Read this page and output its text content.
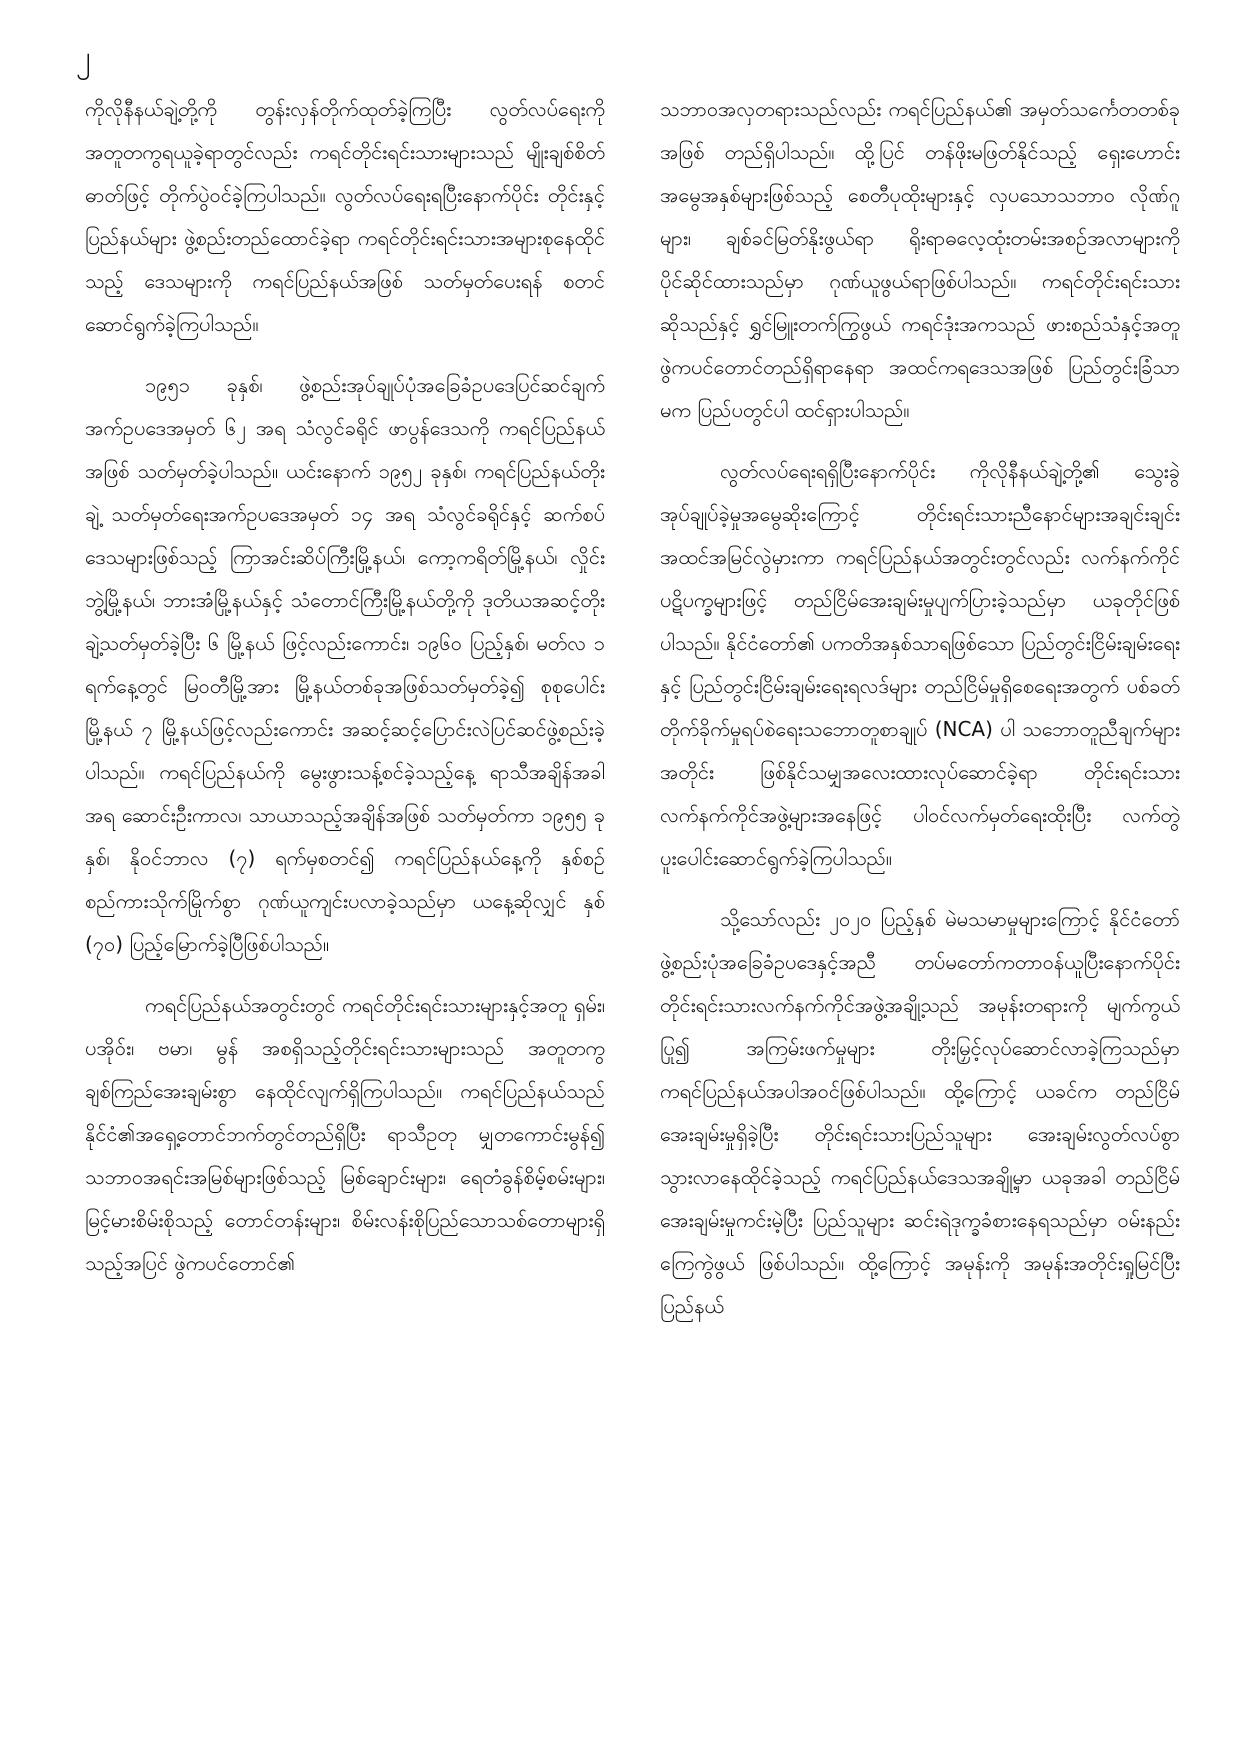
၂

ကိုလိုနီနယ်ချဲ့တို့ကို တွန်းလှန်တိုက်ထုတ်ခဲ့ကြပြီး လွတ်လပ်ရေးကို အတူတကွရယူခဲ့ရာတွင်လည်း ကရင်တိုင်းရင်းသားများသည် မျိုးချစ်စိတ်ဓာတ်ဖြင့် တိုက်ပွဲဝင်ခဲ့ကြပါသည်။ လွတ်လပ်ရေးရပြီးနောက်ပိုင်း တိုင်းနှင့်ပြည်နယ်များ ဖွဲ့စည်းတည်ထောင်ခဲ့ရာ ကရင်တိုင်းရင်းသားအများစုနေထိုင်သည့် ဒေသများကို ကရင်ပြည်နယ်အဖြစ် သတ်မှတ်ပေးရန် စတင်ဆောင်ရွက်ခဲ့ကြပါသည်။

၁၉၅၁ ခုနှစ်၊ ဖွဲ့စည်းအုပ်ချုပ်ပုံအခြေခံဥပဒေပြင်ဆင်ချက်အက်ဥပဒေအမှတ် ၆၂ အရ သံလွင်ခရိုင် ဖာပွန်ဒေသကို ကရင်ပြည်နယ်အဖြစ် သတ်မှတ်ခဲ့ပါသည်။ ယင်းနောက် ၁၉၅၂ ခုနှစ်၊ ကရင်ပြည်နယ်တိုးချဲ့ သတ်မှတ်ရေးအက်ဥပဒေအမှတ် ၁၄ အရ သံလွင်ခရိုင်နှင့် ဆက်စပ်ဒေသများဖြစ်သည့် ကြာအင်းဆိပ်ကြီးမြို့နယ်၊ ကော့ကရိတ်မြို့နယ်၊ လှိုင်းဘွဲ့မြို့နယ်၊ ဘားအံမြို့နယ်နှင့် သံတောင်ကြီးမြို့နယ်တို့ကို ဒုတိယအဆင့်တိုးချဲ့သတ်မှတ်ခဲ့ပြီး ၆ မြို့နယ် ဖြင့်လည်းကောင်း၊ ၁၉၆၀ ပြည့်နှစ်၊ မတ်လ ၁ ရက်နေ့တွင် မြဝတီမြို့အား မြို့နယ်တစ်ခုအဖြစ်သတ်မှတ်ခဲ့၍ စုစုပေါင်းမြို့နယ် ၇ မြို့နယ်ဖြင့်လည်းကောင်း အဆင့်ဆင့်ပြောင်းလဲပြင်ဆင်ဖွဲ့စည်းခဲ့ပါသည်။ ကရင်ပြည်နယ်ကို မွေးဖွားသန့်စင်ခဲ့သည့်နေ့ ရာသီအချိန်အခါအရ ဆောင်းဦးကာလ၊ သာယာသည့်အချိန်အဖြစ် သတ်မှတ်ကာ ၁၉၅၅ ခုနှစ်၊ နိုဝင်ဘာလ (၇) ရက်မှစတင်၍ ကရင်ပြည်နယ်နေ့ကို နှစ်စဉ် စည်ကားသိုက်မြိုက်စွာ ဂုဏ်ယူကျင်းပလာခဲ့သည်မှာ ယနေ့ဆိုလျှင် နှစ် (၇၀) ပြည့်မြောက်ခဲ့ပြီဖြစ်ပါသည်။

ကရင်ပြည်နယ်အတွင်းတွင် ကရင်တိုင်းရင်းသားများနှင့်အတူ ရှမ်း၊ ပအိုဝ်း၊ ဗမာ၊ မွန် အစရှိသည့်တိုင်းရင်းသားများသည် အတူတကွ ချစ်ကြည်အေးချမ်းစွာ နေထိုင်လျက်ရှိကြပါသည်။ ကရင်ပြည်နယ်သည် နိုင်ငံ၏အရှေ့တောင်ဘက်တွင်တည်ရှိပြီး ရာသီဥတု မျှတကောင်းမွန်၍ သဘာဝအရင်းအမြစ်များဖြစ်သည့် မြစ်ချောင်းများ၊ ရေတံခွန်စိမ့်စမ်းများ၊ မြင့်မားစိမ်းစိုသည့် တောင်တန်းများ၊ စိမ်းလန်းစိုပြည်သောသစ်တောများရှိသည့်အပြင် ဖွဲကပင်တောင်၏

သဘာဝအလှတရားသည်လည်း ကရင်ပြည်နယ်၏ အမှတ်သင်္ကေတတစ်ခုအဖြစ် တည်ရှိပါသည်။ ထို့ပြင် တန်ဖိုးမဖြတ်နိုင်သည့် ရှေးဟောင်းအမွေအနှစ်များဖြစ်သည့် စေတီပုထိုးများနှင့် လှပသောသဘာဝ လိုဏ်ဂူများ၊ ချစ်ခင်မြတ်နိုးဖွယ်ရာ ရိုးရာဓလေ့ထုံးတမ်းအစဉ်အလာများကို ပိုင်ဆိုင်ထားသည်မှာ ဂုဏ်ယူဖွယ်ရာဖြစ်ပါသည်။ ကရင်တိုင်းရင်းသားဆိုသည်နှင့် ရွှင်မြူးတက်ကြွဖွယ် ကရင်ဒုံးအကသည် ဖားစည်သံနှင့်အတူ ဖွဲကပင်တောင်တည်ရှိရာနေရာ အထင်ကရဒေသအဖြစ် ပြည်တွင်းခြံသာမက ပြည်ပတွင်ပါ ထင်ရှားပါသည်။

လွတ်လပ်ရေးရရှိပြီးနောက်ပိုင်း ကိုလိုနီနယ်ချဲ့တို့၏ သွေးခွဲအုပ်ချုပ်ခဲ့မှုအမွေဆိုးကြောင့် တိုင်းရင်းသားညီနောင်များအချင်းချင်း အထင်အမြင်လွဲမှားကာ ကရင်ပြည်နယ်အတွင်းတွင်လည်း လက်နက်ကိုင်ပဋိပက္ခများဖြင့် တည်ငြိမ်အေးချမ်းမှုပျက်ပြားခဲ့သည်မှာ ယခုတိုင်ဖြစ်ပါသည်။ နိုင်ငံတော်၏ ပကတိအနှစ်သာရဖြစ်သော ပြည်တွင်းငြိမ်းချမ်းရေးနှင့် ပြည်တွင်းငြိမ်းချမ်းရေးရလဒ်များ တည်ငြိမ်မှုရှိစေရေးအတွက် ပစ်ခတ်တိုက်ခိုက်မှုရပ်စဲရေးသဘောတူစာချုပ် (NCA) ပါ သဘောတူညီချက်များအတိုင်း ဖြစ်နိုင်သမျှအလေးထားလုပ်ဆောင်ခဲ့ရာ တိုင်းရင်းသားလက်နက်ကိုင်အဖွဲ့များအနေဖြင့် ပါဝင်လက်မှတ်ရေးထိုးပြီး လက်တွဲပူးပေါင်းဆောင်ရွက်ခဲ့ကြပါသည်။

သို့သော်လည်း ၂၀၂၀ ပြည့်နှစ် မဲမသမာမှုများကြောင့် နိုင်ငံတော်ဖွဲ့စည်းပုံအခြေခံဥပဒေနှင့်အညီ တပ်မတော်ကတာဝန်ယူပြီးနောက်ပိုင်း တိုင်းရင်းသားလက်နက်ကိုင်အဖွဲ့အချို့သည် အမုန်းတရားကို မျက်ကွယ်ပြု၍ အကြမ်းဖက်မှုများ တိုးမြှင့်လုပ်ဆောင်လာခဲ့ကြသည်မှာ ကရင်ပြည်နယ်အပါအဝင်ဖြစ်ပါသည်။ ထို့ကြောင့် ယခင်က တည်ငြိမ်အေးချမ်းမှုရှိခဲ့ပြီး တိုင်းရင်းသားပြည်သူများ အေးချမ်းလွတ်လပ်စွာ သွားလာနေထိုင်ခဲ့သည့် ကရင်ပြည်နယ်ဒေသအချို့မှာ ယခုအခါ တည်ငြိမ်အေးချမ်းမှုကင်းမဲ့ပြီး ပြည်သူများ ဆင်းရဲဒုက္ခခံစားနေရသည်မှာ ဝမ်းနည်းကြေကွဲဖွယ် ဖြစ်ပါသည်။ ထို့ကြောင့် အမုန်းကို အမုန်းအတိုင်းရှုမြင်ပြီး ပြည်နယ်
